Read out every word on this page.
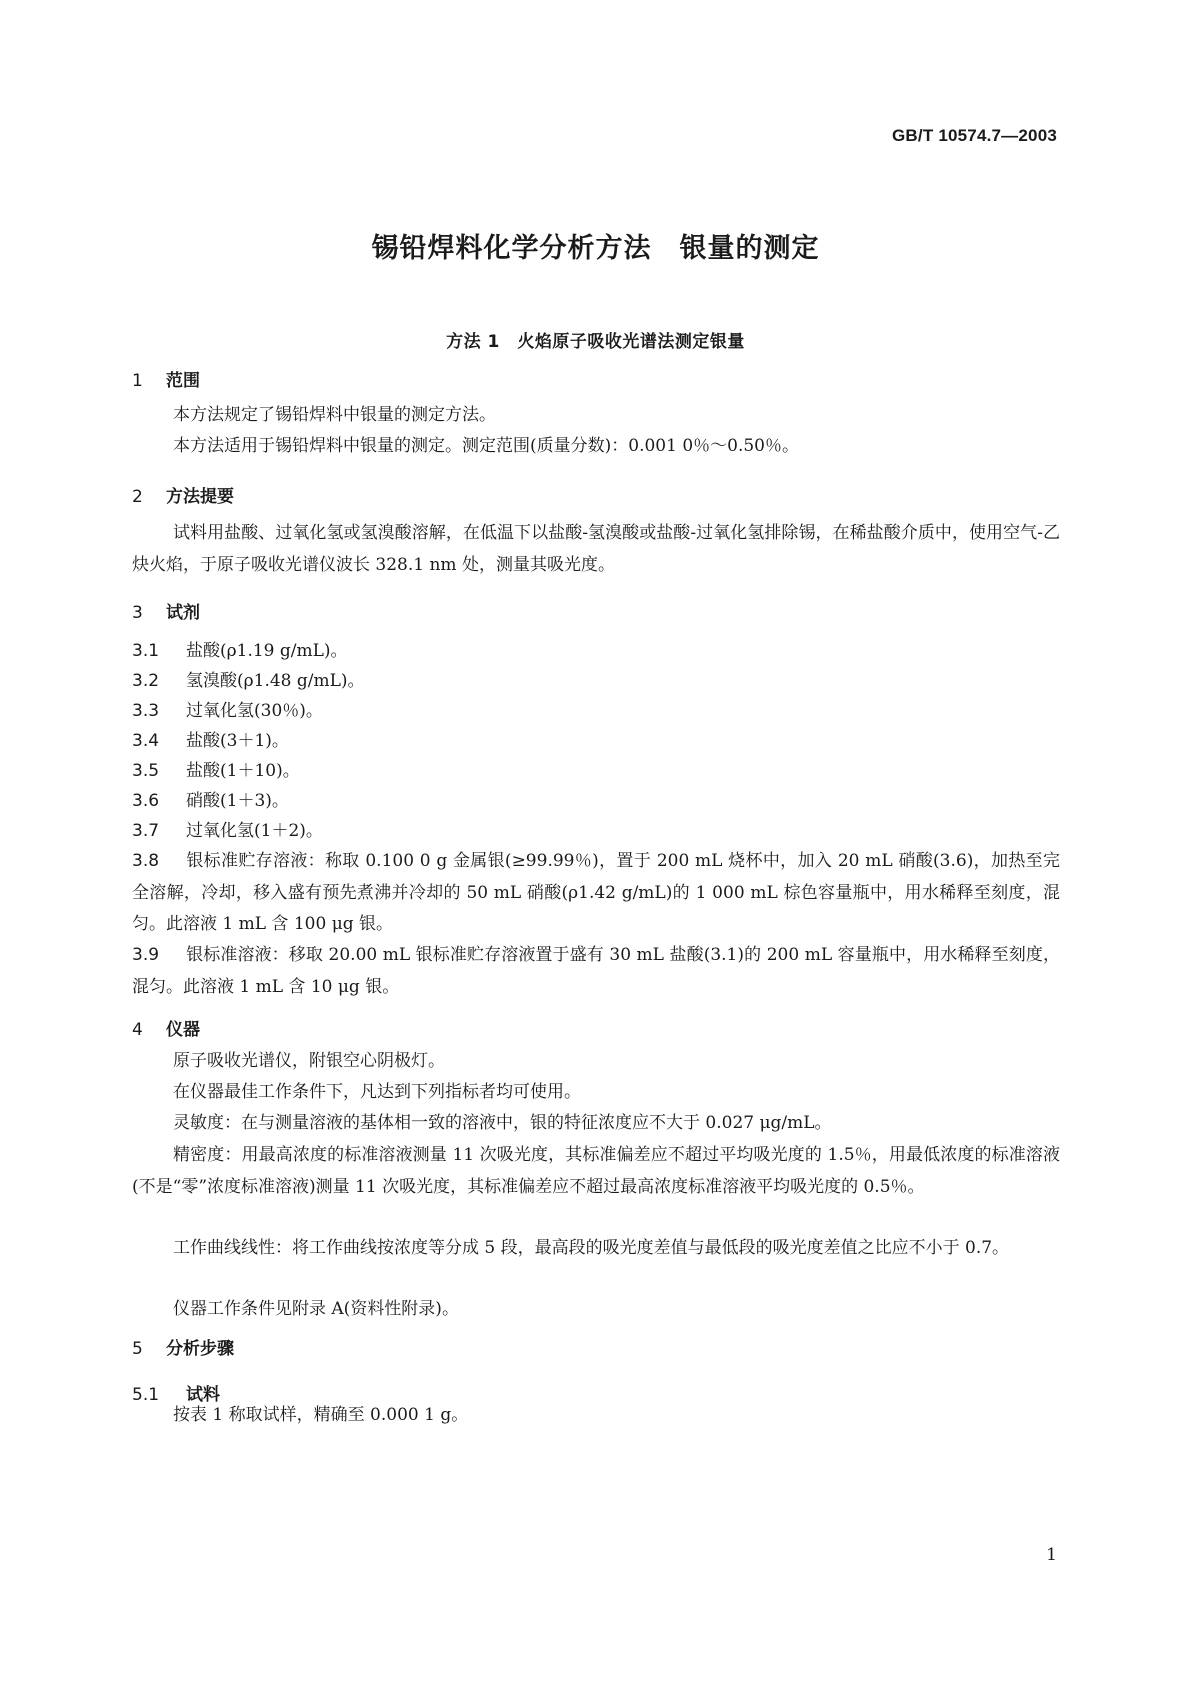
GB/T 10574.7—2003
锡铅焊料化学分析方法　银量的测定
方法 1　火焰原子吸收光谱法测定银量
1 范围

本方法规定了锡铅焊料中银量的测定方法。

本方法适用于锡铅焊料中银量的测定。测定范围(质量分数)：0.001 0％～0.50％。

2 方法提要

试料用盐酸、过氧化氢或氢溴酸溶解，在低温下以盐酸-氢溴酸或盐酸-过氧化氢排除锡，在稀盐酸介质中，使用空气-乙炔火焰，于原子吸收光谱仪波长 328.1 nm 处，测量其吸光度。

3 试剂
3.1 盐酸(ρ1.19 g/mL)。
3.2 氢溴酸(ρ1.48 g/mL)。
3.3 过氧化氢(30％)。
3.4 盐酸(3＋1)。
3.5 盐酸(1＋10)。
3.6 硝酸(1＋3)。
3.7 过氧化氢(1＋2)。
3.8 银标准贮存溶液：称取 0.100 0 g 金属银(≥99.99％)，置于 200 mL 烧杯中，加入 20 mL 硝酸(3.6)，加热至完全溶解，冷却，移入盛有预先煮沸并冷却的 50 mL 硝酸(ρ1.42 g/mL)的 1 000 mL 棕色容量瓶中，用水稀释至刻度，混匀。此溶液 1 mL 含 100 μg 银。
3.9 银标准溶液：移取 20.00 mL 银标准贮存溶液置于盛有 30 mL 盐酸(3.1)的 200 mL 容量瓶中，用水稀释至刻度，混匀。此溶液 1 mL 含 10 μg 银。
4 仪器

原子吸收光谱仪，附银空心阴极灯。

在仪器最佳工作条件下，凡达到下列指标者均可使用。

灵敏度：在与测量溶液的基体相一致的溶液中，银的特征浓度应不大于 0.027 μg/mL。

精密度：用最高浓度的标准溶液测量 11 次吸光度，其标准偏差应不超过平均吸光度的 1.5％，用最低浓度的标准溶液(不是“零”浓度标准溶液)测量 11 次吸光度，其标准偏差应不超过最高浓度标准溶液平均吸光度的 0.5％。

工作曲线线性：将工作曲线按浓度等分成 5 段，最高段的吸光度差值与最低段的吸光度差值之比应不小于 0.7。

仪器工作条件见附录 A(资料性附录)。

5 分析步骤
5.1 试料

按表 1 称取试样，精确至 0.000 1 g。

1
